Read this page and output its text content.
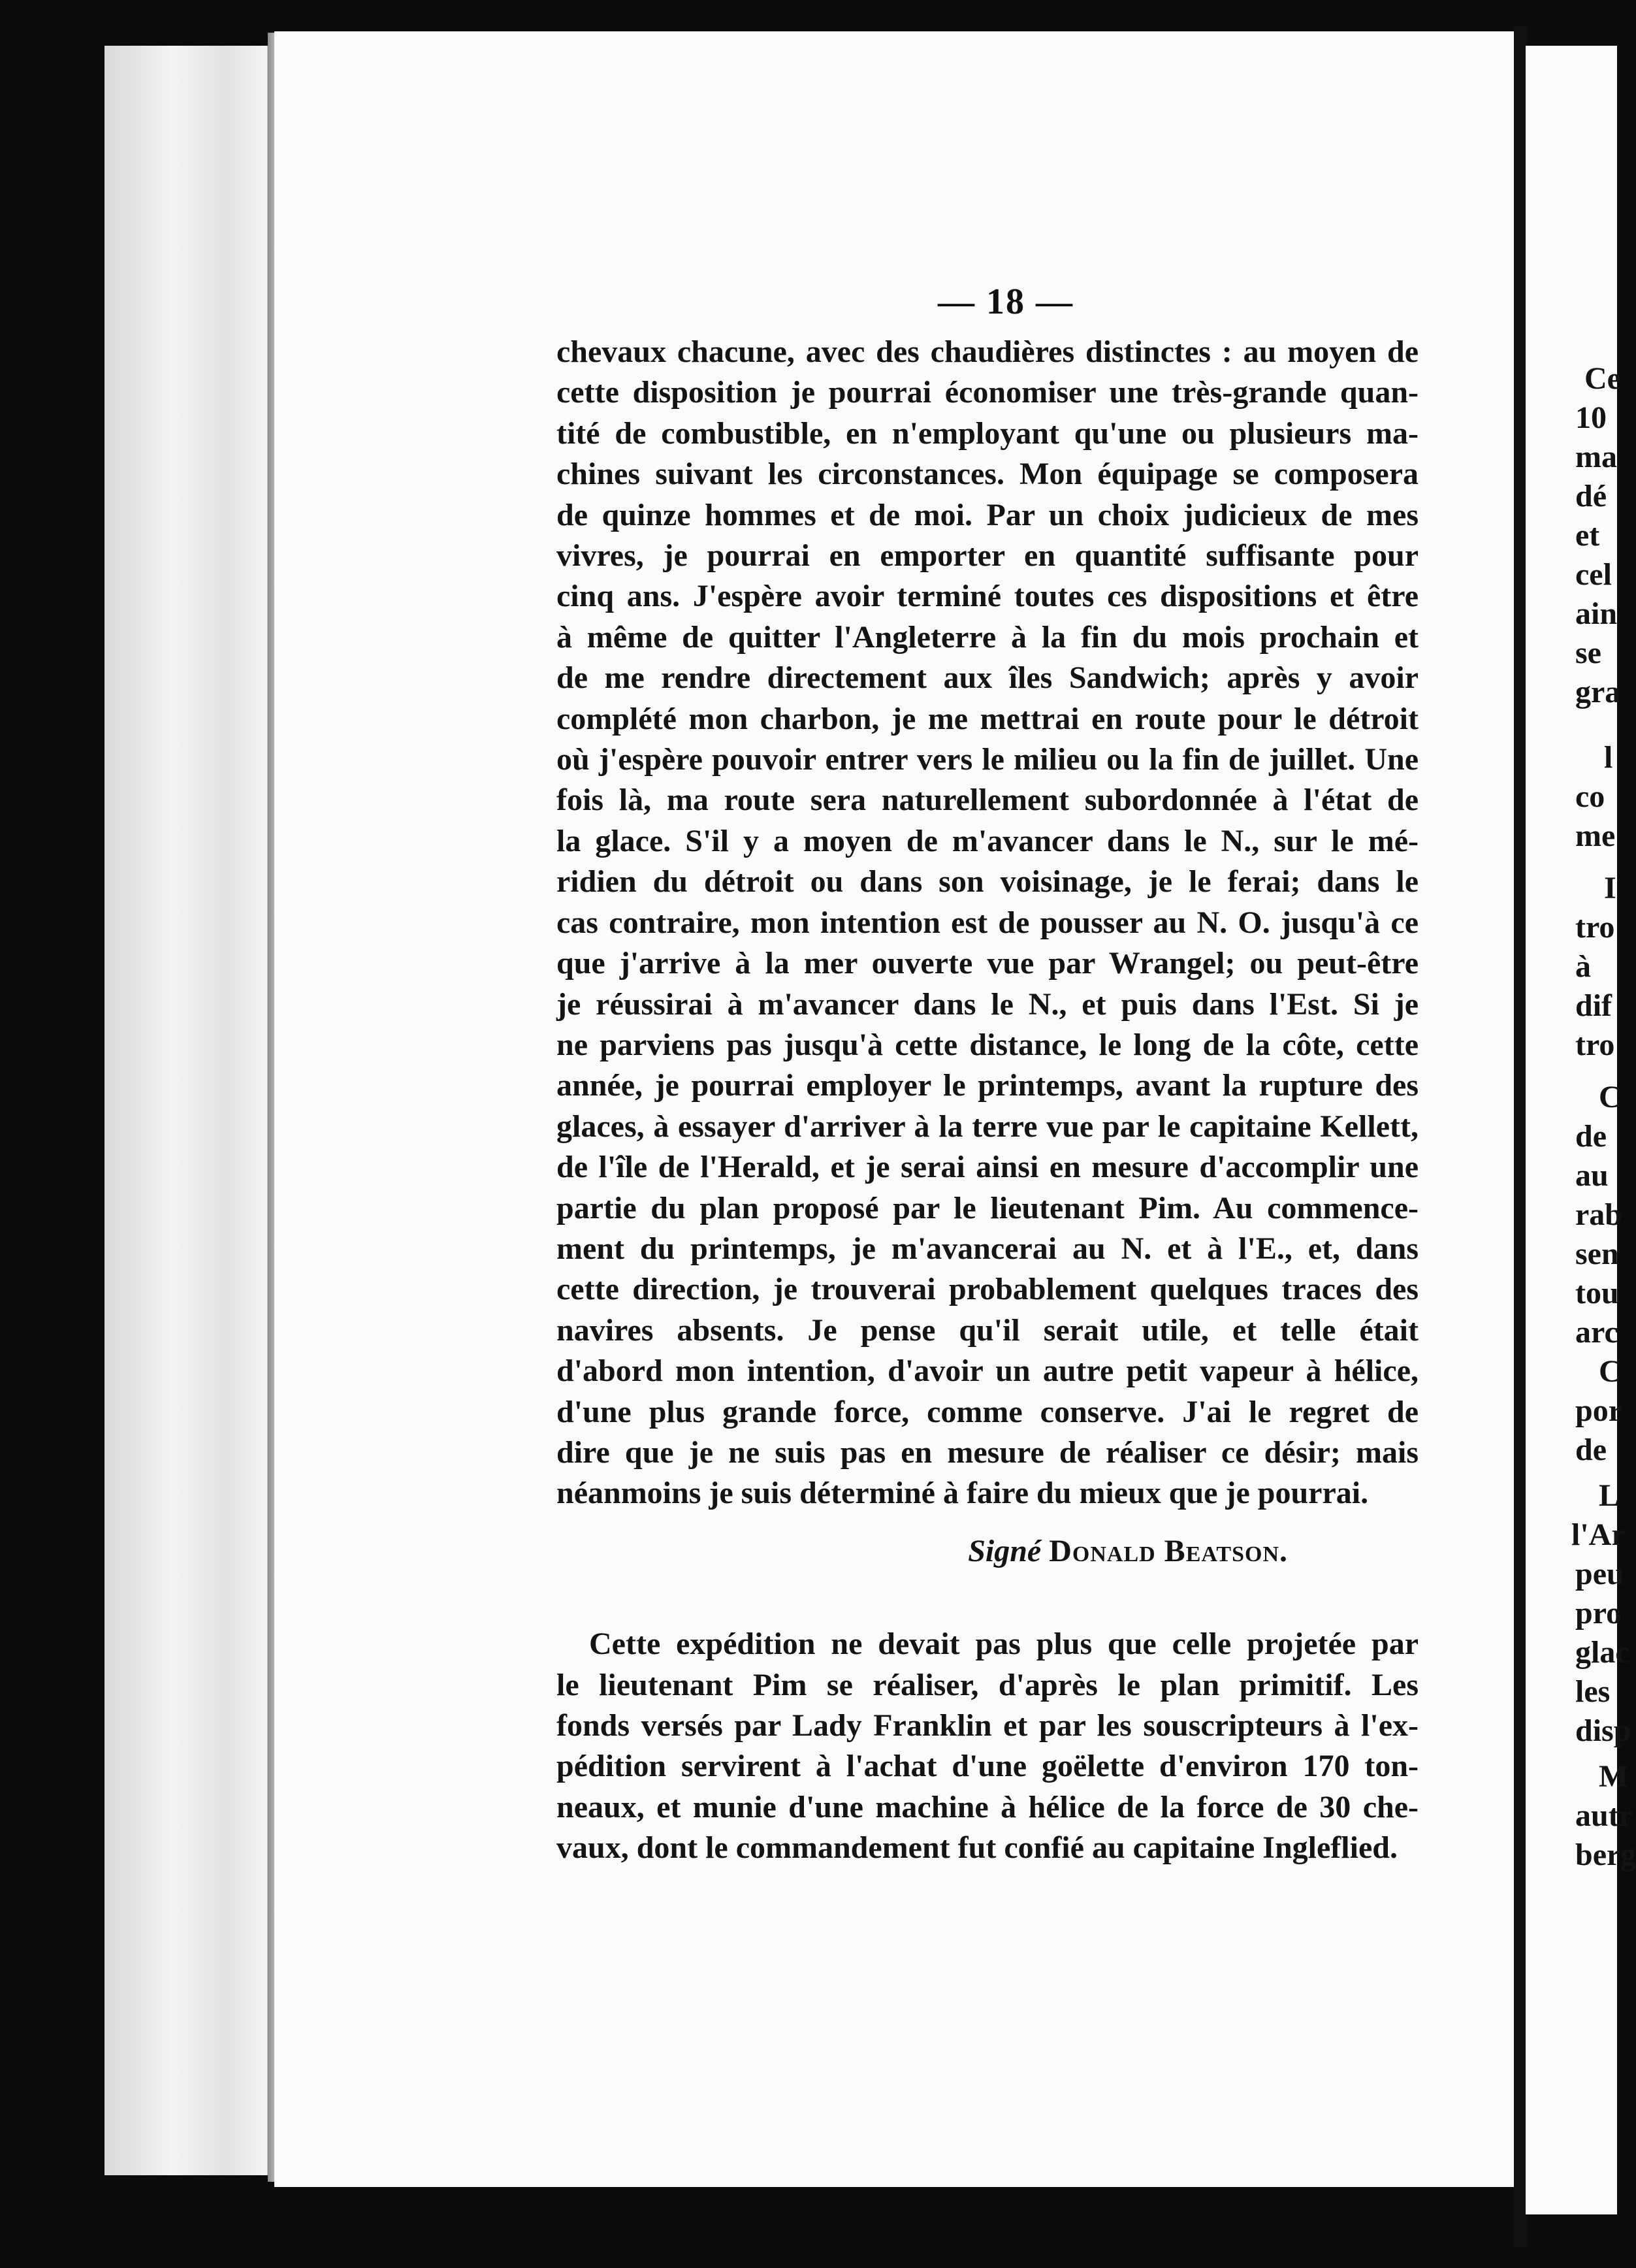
— 18 —
chevaux chacune, avec des chaudières distinctes : au moyen de
cette disposition je pourrai économiser une très-grande quan-
tité de combustible, en n'employant qu'une ou plusieurs ma-
chines suivant les circonstances. Mon équipage se composera
de quinze hommes et de moi. Par un choix judicieux de mes
vivres, je pourrai en emporter en quantité suffisante pour
cinq ans. J'espère avoir terminé toutes ces dispositions et être
à même de quitter l'Angleterre à la fin du mois prochain et
de me rendre directement aux îles Sandwich; après y avoir
complété mon charbon, je me mettrai en route pour le détroit
où j'espère pouvoir entrer vers le milieu ou la fin de juillet. Une
fois là, ma route sera naturellement subordonnée à l'état de
la glace. S'il y a moyen de m'avancer dans le N., sur le mé-
ridien du détroit ou dans son voisinage, je le ferai; dans le
cas contraire, mon intention est de pousser au N. O. jusqu'à ce
que j'arrive à la mer ouverte vue par Wrangel; ou peut-être
je réussirai à m'avancer dans le N., et puis dans l'Est. Si je
ne parviens pas jusqu'à cette distance, le long de la côte, cette
année, je pourrai employer le printemps, avant la rupture des
glaces, à essayer d'arriver à la terre vue par le capitaine Kellett,
de l'île de l'Herald, et je serai ainsi en mesure d'accomplir une
partie du plan proposé par le lieutenant Pim. Au commence-
ment du printemps, je m'avancerai au N. et à l'E., et, dans
cette direction, je trouverai probablement quelques traces des
navires absents. Je pense qu'il serait utile, et telle était
d'abord mon intention, d'avoir un autre petit vapeur à hélice,
d'une plus grande force, comme conserve. J'ai le regret de
dire que je ne suis pas en mesure de réaliser ce désir; mais
néanmoins je suis déterminé à faire du mieux que je pourrai.
Signé Donald Beatson.
Cette expédition ne devait pas plus que celle projetée par
le lieutenant Pim se réaliser, d'après le plan primitif. Les
fonds versés par Lady Franklin et par les souscripteurs à l'ex-
pédition servirent à l'achat d'une goëlette d'environ 170 ton-
neaux, et munie d'une machine à hélice de la force de 30 che-
vaux, dont le commandement fut confié au capitaine Ingleflied.
Ce
10
ma
dé
et
cel
ain
se
gra
l
co
me
I
tro
à
dif
tro
C
de
au
rab
sen
tou
arc
C
por
de
L
l'Ar
peu
pro
glac
les
disp
M
autr
berg
